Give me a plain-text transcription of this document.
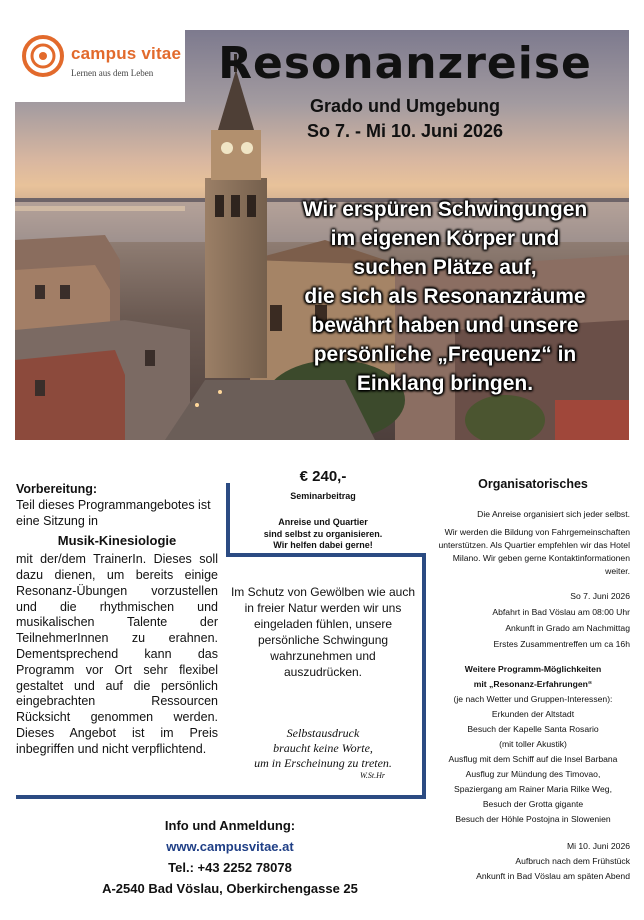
campus vitae
Lernen aus dem Leben	Resonanzreise
Grado und Umgebung
So 7. - Mi 10. Juni 2026
Wir erspüren Schwingungen
im eigenen Körper und
suchen Plätze auf,
die sich als Resonanzräume
bewährt haben und unsere
persönliche „Frequenz“ in
Einklang bringen.
Vorbereitung:
Teil dieses Programmangebotes ist eine Sitzung in
Musik-Kinesiologie
mit der/dem TrainerIn. Dieses soll dazu dienen, um bereits einige Resonanz-Übungen vorzustellen und die rhythmischen und musikalischen Talente der TeilnehmerInnen zu erahnen. Dementsprechend kann das Programm vor Ort sehr flexibel gestaltet und auf die persönlich eingebrachten Ressourcen Rücksicht genommen werden. Dieses Angebot ist im Preis inbegriffen und nicht verpflichtend.
€ 240,-
Seminarbeitrag
Anreise und Quartier
sind selbst zu organisieren.
Wir helfen dabei gerne!
Im Schutz von Gewölben wie auch in freier Natur werden wir uns eingeladen fühlen, unsere persönliche Schwingung wahrzunehmen und auszudrücken.
Selbstausdruck
braucht keine Worte,
um in Erscheinung zu treten.
W.St.Hr

Organisatorisches

Die Anreise organisiert sich jeder selbst.

Wir werden die Bildung von Fahrgemeinschaften unterstützen. Als Quartier empfehlen wir das Hotel Milano. Wir geben gerne Kontaktinformationen weiter.

So 7. Juni 2026

Abfahrt in Bad Vöslau am 08:00 Uhr

Ankunft in Grado am Nachmittag

Erstes Zusammentreffen um ca 16h

Weitere Programm-Möglichkeiten

mit „Resonanz-Erfahrungen“

(je nach Wetter und Gruppen-Interessen):

Erkunden der Altstadt

Besuch der Kapelle Santa Rosario

(mit toller Akustik)

Ausflug mit dem Schiff auf die Insel Barbana

Ausflug zur Mündung des Timovao,

Spaziergang am Rainer Maria Rilke Weg,

Besuch der Grotta gigante

Besuch der Höhle Postojna in Slowenien

Mi 10. Juni 2026

Aufbruch nach dem Frühstück

Ankunft in Bad Vöslau am späten Abend

Info und Anmeldung:
www.campusvitae.at
Tel.: +43 2252 78078
A-2540 Bad Vöslau, Oberkirchengasse 25
